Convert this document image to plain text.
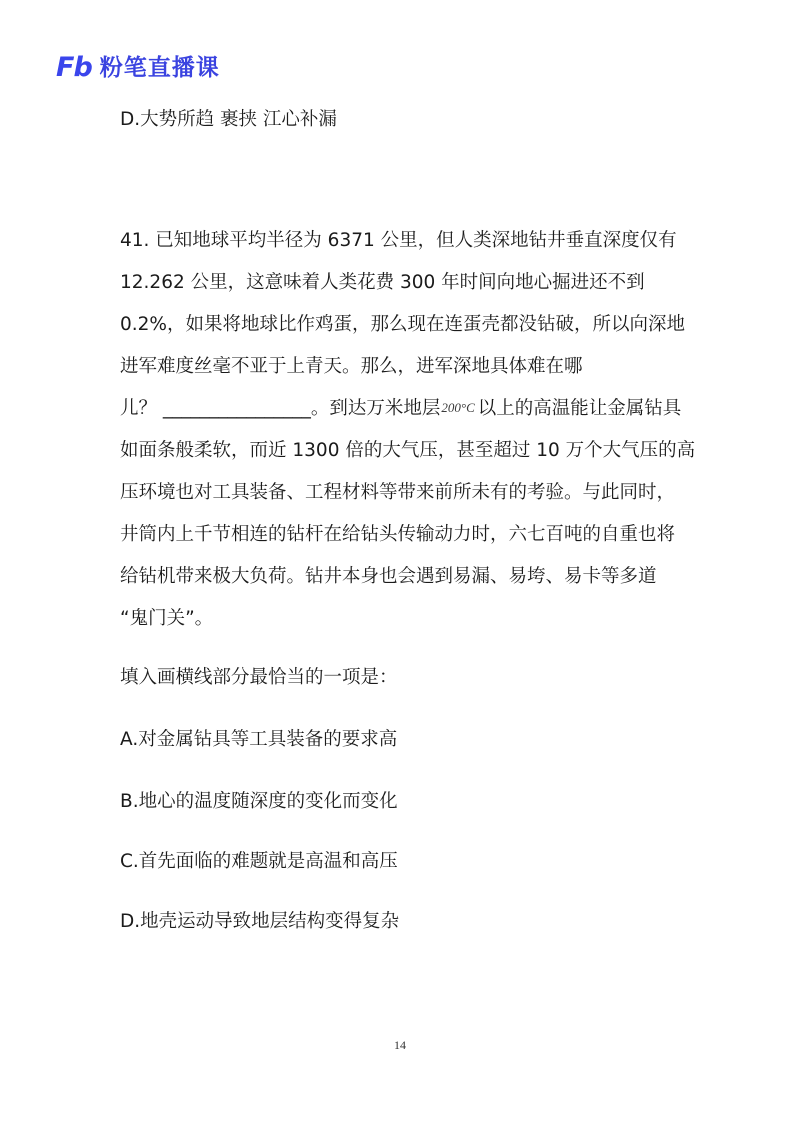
Fb 粉笔直播课
D.大势所趋 裹挟 江心补漏
41. 已知地球平均半径为 6371 公里，但人类深地钻井垂直深度仅有
12.262 公里，这意味着人类花费 300 年时间向地心掘进还不到
0.2%，如果将地球比作鸡蛋，那么现在连蛋壳都没钻破，所以向深地
进军难度丝毫不亚于上青天。那么，进军深地具体难在哪
儿？ ________________。到达万米地层200°C 以上的高温能让金属钻具
如面条般柔软，而近 1300 倍的大气压，甚至超过 10 万个大气压的高
压环境也对工具装备、工程材料等带来前所未有的考验。与此同时，
井筒内上千节相连的钻杆在给钻头传输动力时，六七百吨的自重也将
给钻机带来极大负荷。钻井本身也会遇到易漏、易垮、易卡等多道
“鬼门关”。
填入画横线部分最恰当的一项是：
A.对金属钻具等工具装备的要求高
B.地心的温度随深度的变化而变化
C.首先面临的难题就是高温和高压
D.地壳运动导致地层结构变得复杂
14
